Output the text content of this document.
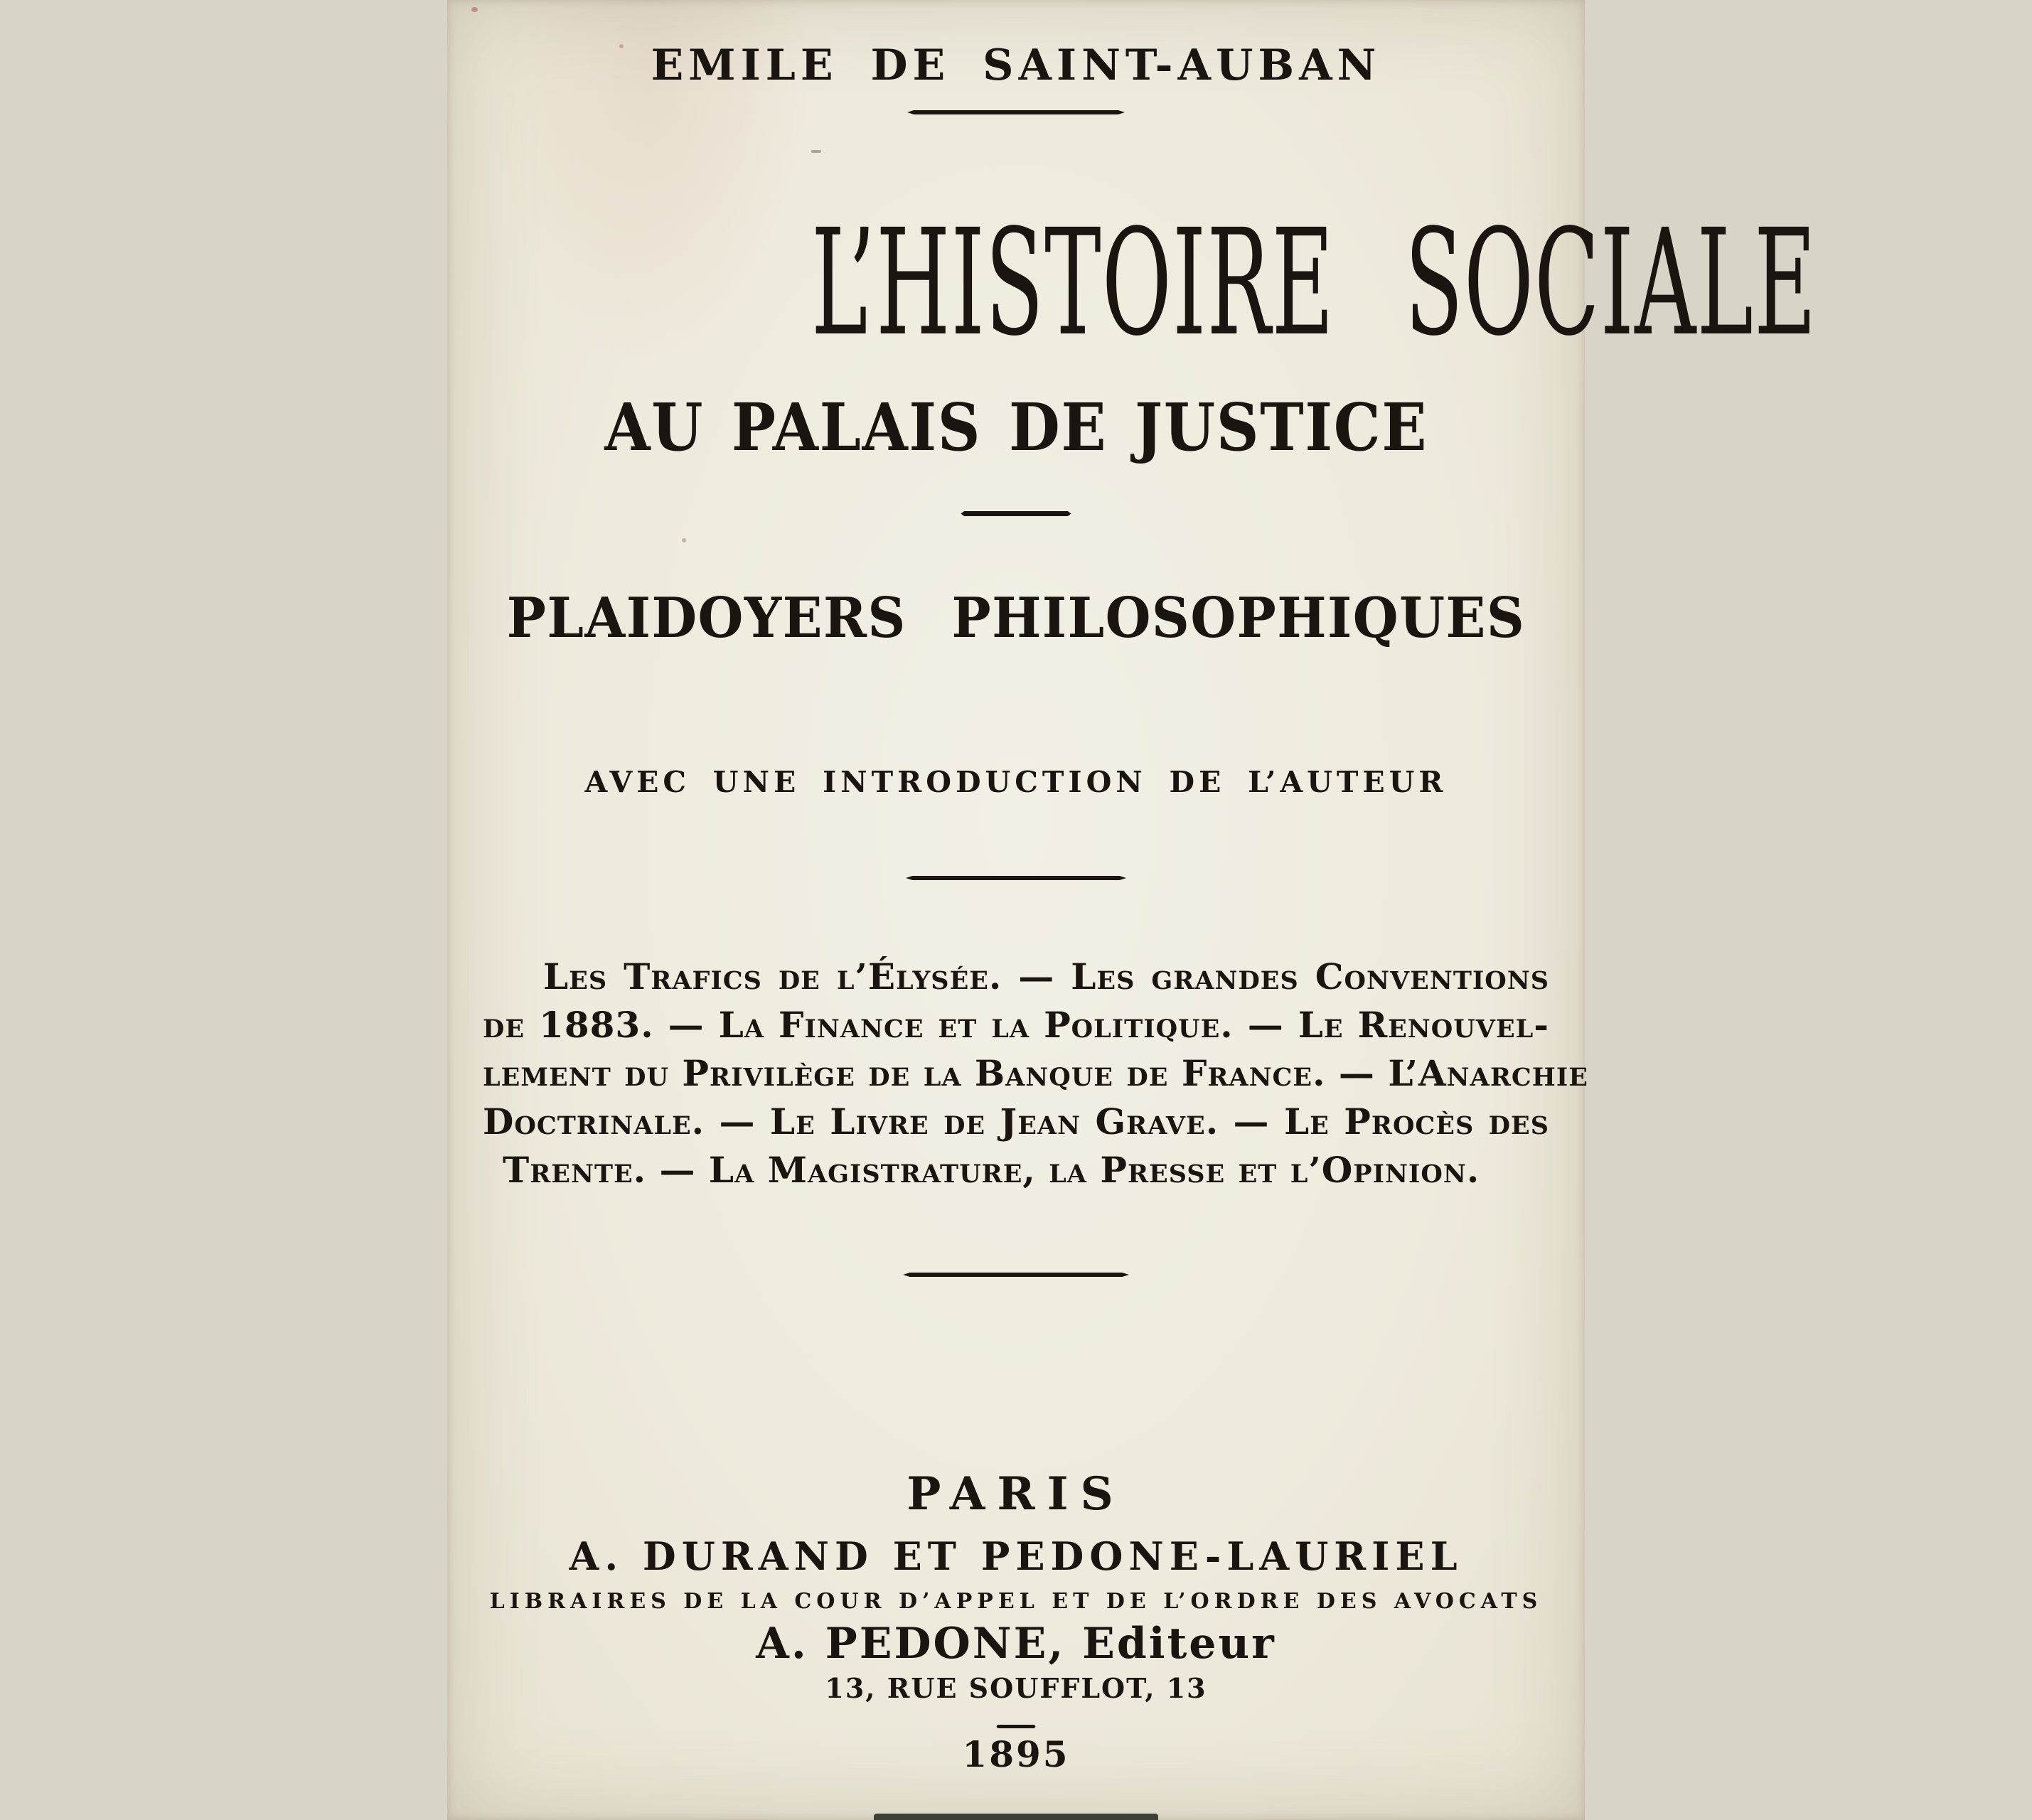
EMILE DE SAINT-AUBAN
L’HISTOIRE SOCIALE
AU PALAIS DE JUSTICE
PLAIDOYERS PHILOSOPHIQUES
AVEC UNE INTRODUCTION DE L’AUTEUR
Les Trafics de l’Élysée. — Les grandes Conventions
de 1883. — La Finance et la Politique. — Le Renouvel-
lement du Privilège de la Banque de France. — L’Anarchie
Doctrinale. — Le Livre de Jean Grave. — Le Procès des
Trente. — La Magistrature, la Presse et l’Opinion.
PARIS
A. DURAND ET PEDONE-LAURIEL
LIBRAIRES DE LA COUR D’APPEL ET DE L’ORDRE DES AVOCATS
A. PEDONE, Editeur
13, RUE SOUFFLOT, 13
1895
